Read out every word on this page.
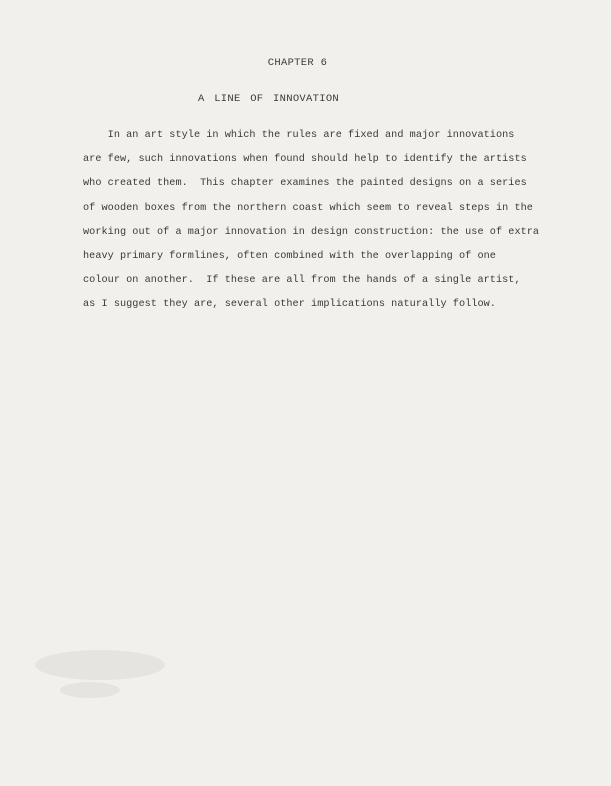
CHAPTER 6
A LINE OF INNOVATION

In an art style in which the rules are fixed and major innovations
are few, such innovations when found should help to identify the artists
who created them.  This chapter examines the painted designs on a series
of wooden boxes from the northern coast which seem to reveal steps in the
working out of a major innovation in design construction: the use of extra
heavy primary formlines, often combined with the overlapping of one
colour on another.  If these are all from the hands of a single artist,
as I suggest they are, several other implications naturally follow.
